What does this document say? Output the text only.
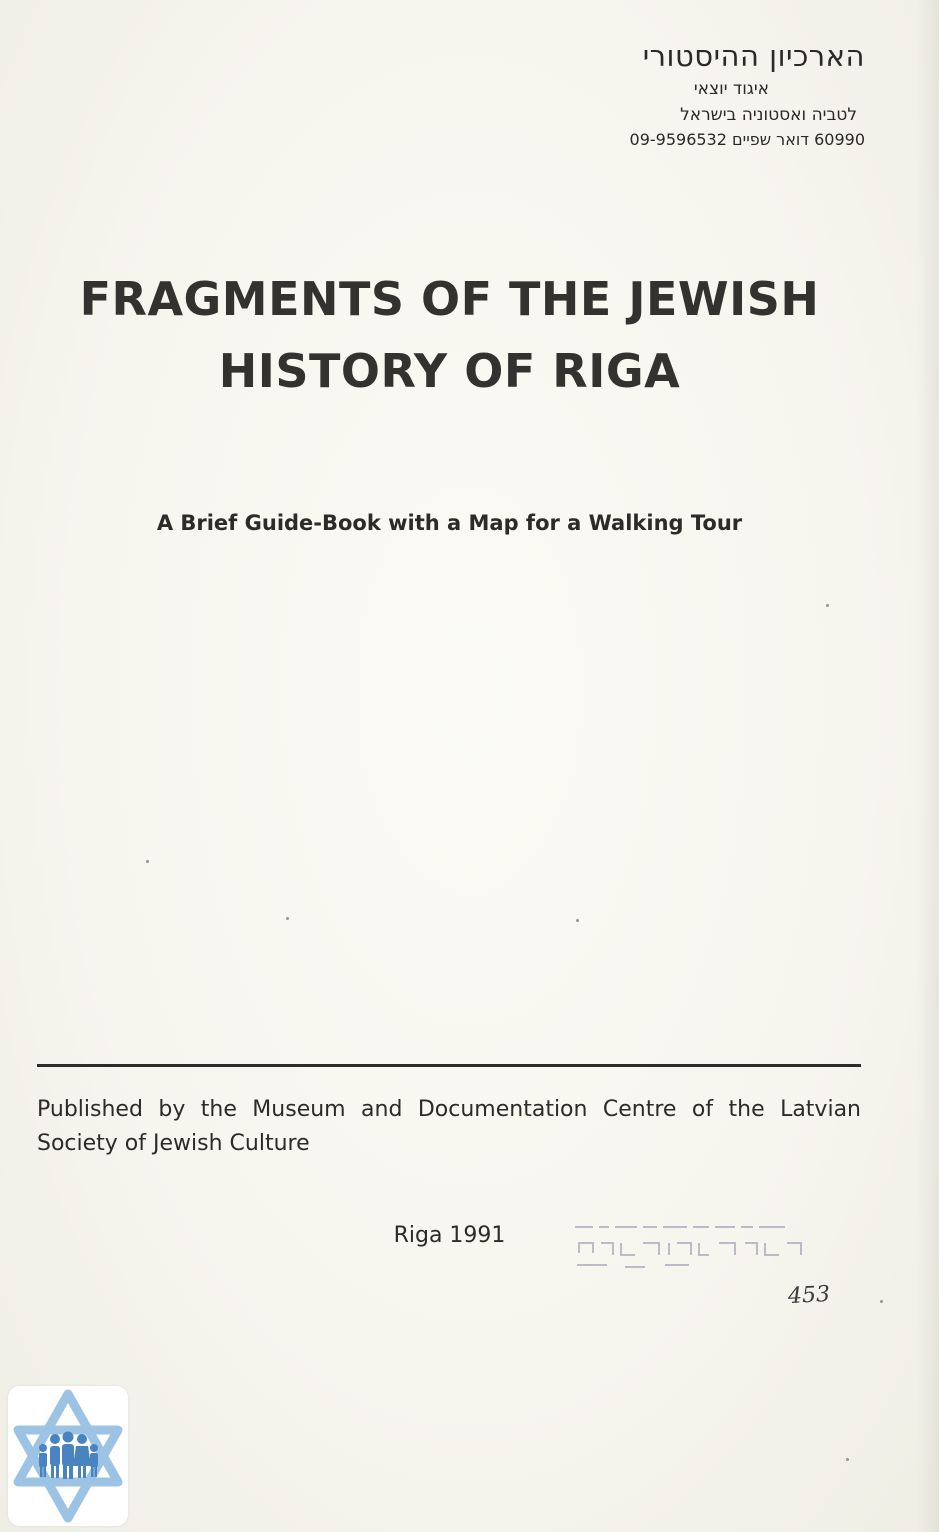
הארכיון ההיסטורי
איגוד יוצאי
לטביה ואסטוניה בישראל
60990 דואר שפיים 09-9596532
FRAGMENTS OF THE JEWISH
HISTORY OF RIGA
A Brief Guide-Book with a Map for a Walking Tour
Published by the Museum and Documentation Centre of the Latvian Society of Jewish Culture
Riga 1991
453
